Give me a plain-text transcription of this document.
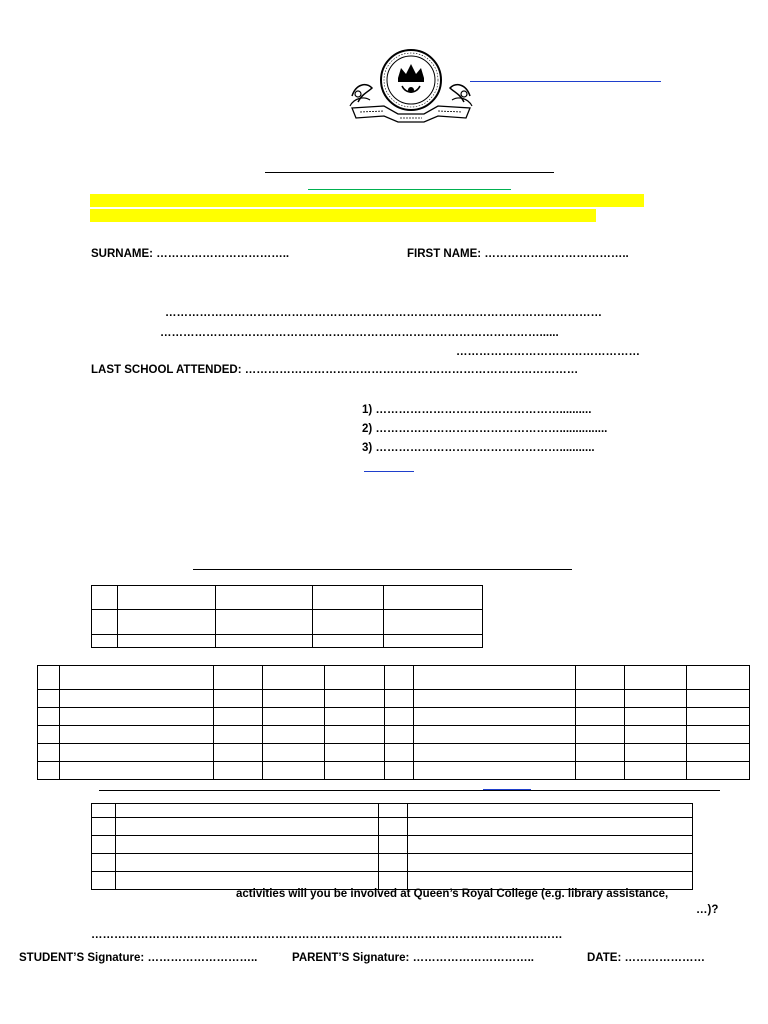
SURNAME: ……………………………..	FIRST NAME: ………………………………..
……………………………………………………………………………………………………
………………………………………………………………………………………......
…………………………………………
LAST SCHOOL ATTENDED: ……………………………………………………………………………
1) …………………………………………..........
2) …………………………………………...............
3) …………………………………………...........

activities will you be involved at Queen’s Royal College (e.g. library assistance,
…)?
……………………………………………………………………………………………………………
STUDENT’S Signature: ………………………..	PARENT’S Signature: …………………………..	DATE: …………………
